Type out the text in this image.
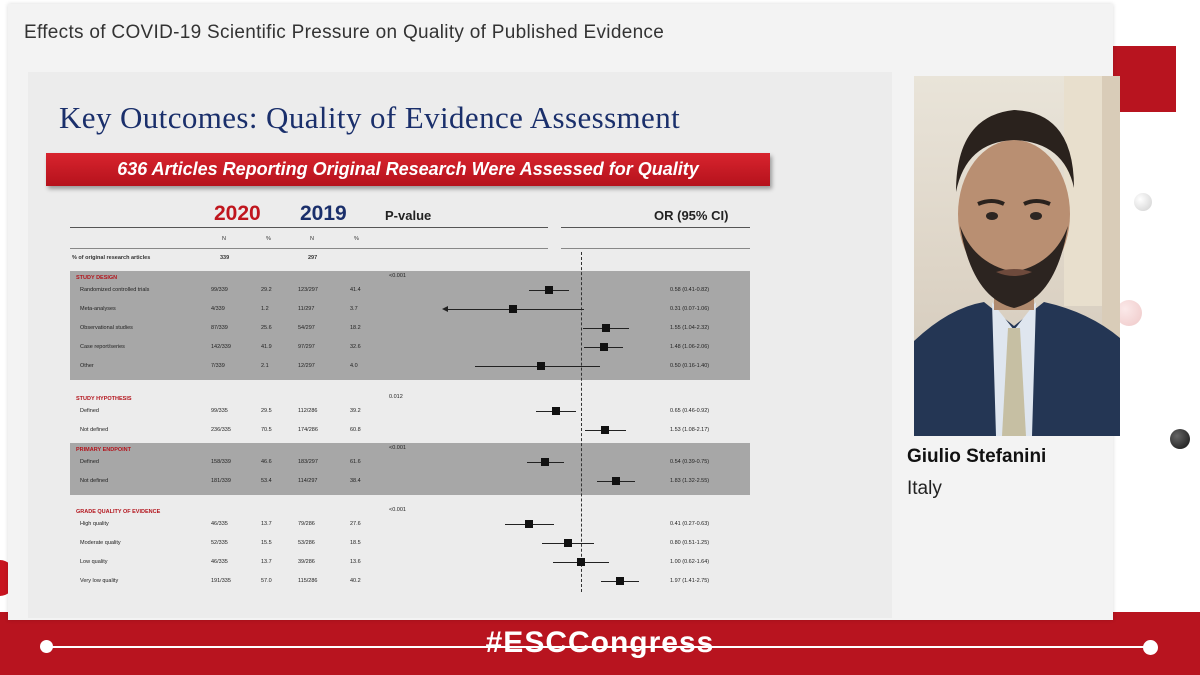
#ESCCongress
Effects of COVID-19 Scientific Pressure on Quality of Published Evidence
Key Outcomes: Quality of Evidence Assessment
636 Articles Reporting Original Research Were Assessed for Quality
2020 2019	P-value	OR (95% CI)
N	%	N	%
% of original research articles	339	297
STUDY DESIGN	<0.001
Randomized controlled trials	99/339	29.2	123/297	41.4	0.58 (0.41-0.82)
Meta-analyses	4/339	1.2	11/297	3.7	0.31 (0.07-1.06)
Observational studies	87/339	25.6	54/297	18.2	1.55 (1.04-2.32)
Case report/series	142/339	41.9	97/297	32.6	1.48 (1.06-2.06)
Other	7/339	2.1	12/297	4.0	0.50 (0.16-1.40)
STUDY HYPOTHESIS	0.012
Defined	99/335	29.5	112/286	39.2	0.65 (0.46-0.92)
Not defined	236/335	70.5	174/286	60.8	1.53 (1.08-2.17)
PRIMARY ENDPOINT	<0.001
Defined	158/339	46.6	183/297	61.6	0.54 (0.39-0.75)
Not defined	181/339	53.4	114/297	38.4	1.83 (1.32-2.55)
GRADE QUALITY OF EVIDENCE	<0.001
High quality	46/335	13.7	79/286	27.6	0.41 (0.27-0.63)
Moderate quality	52/335	15.5	53/286	18.5	0.80 (0.51-1.25)
Low quality	46/335	13.7	39/286	13.6	1.00 (0.62-1.64)
Very low quality	191/335	57.0	115/286	40.2	1.97 (1.41-2.75)
Giulio Stefanini
Italy
